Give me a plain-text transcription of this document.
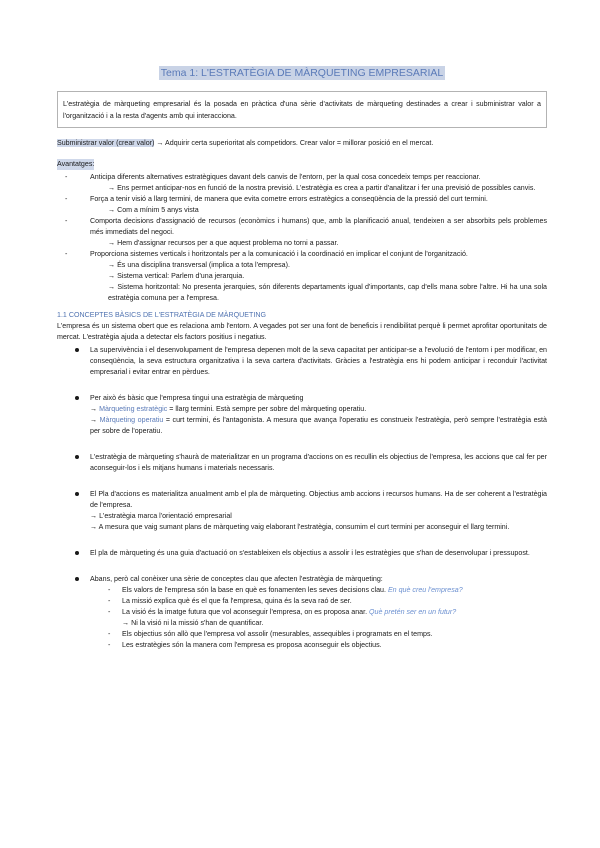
Tema 1: L'ESTRATÈGIA DE MÀRQUETING EMPRESARIAL

L'estratègia de màrqueting empresarial és la posada en pràctica d'una sèrie d'activitats de màrqueting destinades a crear i subministrar valor a l'organització i a la resta d'agents amb qui interacciona.

Subministrar valor (crear valor) → Adquirir certa superioritat als competidors. Crear valor = millorar posició en el mercat.

Avantatges:

- Anticipa diferents alternatives estratègiques davant dels canvis de l'entorn, per la qual cosa concedeix temps per reaccionar.

→ Ens permet anticipar-nos en funció de la nostra previsió. L'estratègia es crea a partir d'analitzar i fer una previsió de possibles canvis.

- Força a tenir visió a llarg termini, de manera que evita cometre errors estratègics a conseqüència de la pressió del curt termini.

→ Com a mínim 5 anys vista

- Comporta decisions d'assignació de recursos (econòmics i humans) que, amb la planificació anual, tendeixen a ser absorbits pels problemes més immediats del negoci.

→ Hem d'assignar recursos per a que aquest problema no torni a passar.

- Proporciona sistemes verticals i horitzontals per a la comunicació i la coordinació en implicar el conjunt de l'organització.

→ És una disciplina transversal (implica a tota l'empresa).

→ Sistema vertical: Parlem d'una jerarquia.

→ Sistema horitzontal: No presenta jerarquies, són diferents departaments igual d'importants, cap d'ells mana sobre l'altre. Hi ha una sola estratègia comuna per a l'empresa.

1.1 CONCEPTES BÀSICS DE L'ESTRATÈGIA DE MÀRQUETING

L'empresa és un sistema obert que es relaciona amb l'entorn. A vegades pot ser una font de beneficis i rendibilitat perquè li permet aprofitar oportunitats de mercat. L'estratègia ajuda a detectar els factors positius i negatius.

La supervivència i el desenvolupament de l'empresa depenen molt de la seva capacitat per anticipar-se a l'evolució de l'entorn i per modificar, en conseqüència, la seva estructura organitzativa i la seva cartera d'activitats. Gràcies a l'estratègia ens hi podem anticipar i reconduir l'activitat empresarial i evitar entrar en pèrdues.

Per això és bàsic que l'empresa tingui una estratègia de màrqueting

→ Màrqueting estratègic = llarg termini. Està sempre per sobre del màrqueting operatiu.

→ Màrqueting operatiu = curt termini, és l'antagonista. A mesura que avança l'operatiu es construeix l'estratègia, però sempre l'estratègia està per sobre de l'operatiu.

L'estratègia de màrqueting s'haurà de materialitzar en un programa d'accions on es recullin els objectius de l'empresa, les accions que cal fer per aconseguir-los i els mitjans humans i materials necessaris.

El Pla d'accions es materialitza anualment amb el pla de màrqueting. Objectius amb accions i recursos humans. Ha de ser coherent a l'estratègia de l'empresa.

→ L'estratègia marca l'orientació empresarial

→ A mesura que vaig sumant plans de màrqueting vaig elaborant l'estratègia, consumim el curt termini per aconseguir el llarg termini.

El pla de màrqueting és una guia d'actuació on s'estableixen els objectius a assolir i les estratègies que s'han de desenvolupar i pressupost.

Abans, però cal conèixer una sèrie de conceptes clau que afecten l'estratègia de màrqueting:

- Els valors de l'empresa són la base en què es fonamenten les seves decisions clau. En què creu l'empresa?
- La missió explica què és el que fa l'empresa, quina és la seva raó de ser.
- La visió és la imatge futura que vol aconseguir l'empresa, on es proposa anar. Què pretén ser en un futur?

→ Ni la visió ni la missió s'han de quantificar.

- Els objectius són allò que l'empresa vol assolir (mesurables, assequibles i programats en el temps.
- Les estratègies són la manera com l'empresa es proposa aconseguir els objectius.
